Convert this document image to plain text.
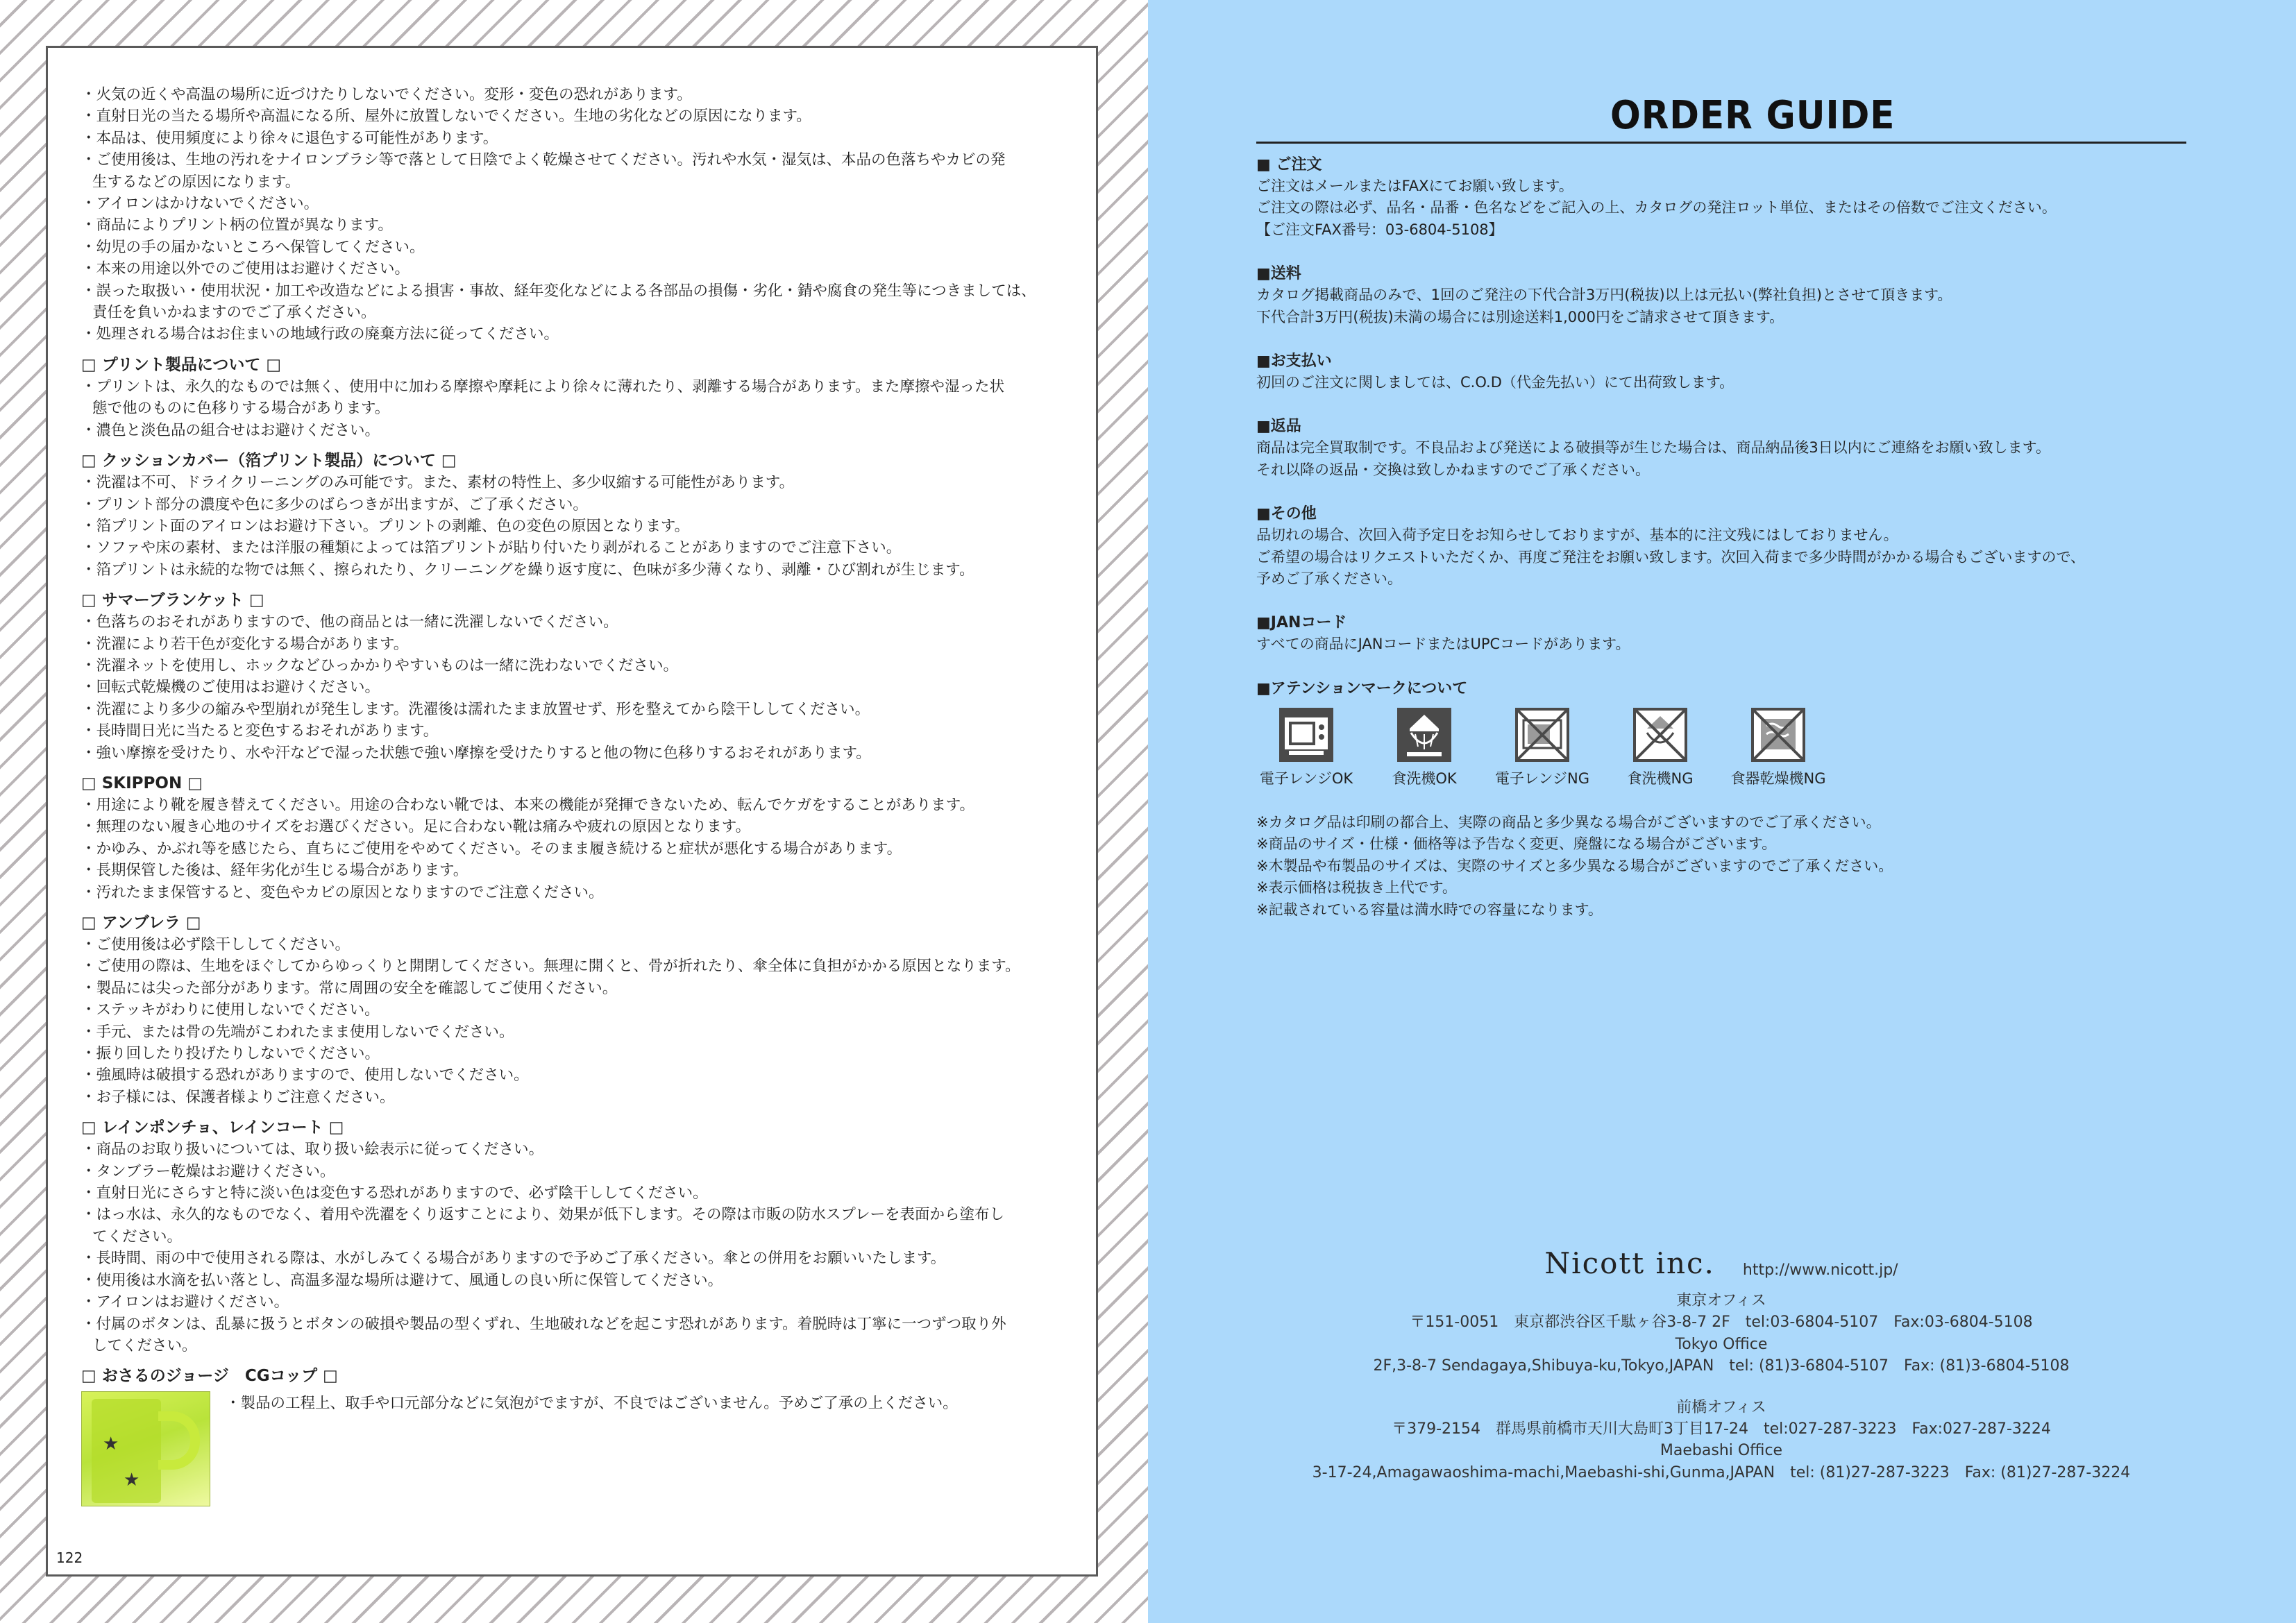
・火気の近くや高温の場所に近づけたりしないでください。変形・変色の恐れがあります。
・直射日光の当たる場所や高温になる所、屋外に放置しないでください。生地の劣化などの原因になります。
・本品は、使用頻度により徐々に退色する可能性があります。
・ご使用後は、生地の汚れをナイロンブラシ等で落として日陰でよく乾燥させてください。汚れや水気・湿気は、本品の色落ちやカビの発
生するなどの原因になります。
・アイロンはかけないでください。
・商品によりプリント柄の位置が異なります。
・幼児の手の届かないところへ保管してください。
・本来の用途以外でのご使用はお避けください。
・誤った取扱い・使用状況・加工や改造などによる損害・事故、経年変化などによる各部品の損傷・劣化・錆や腐食の発生等につきましては、
責任を負いかねますのでご了承ください。
・処理される場合はお住まいの地域行政の廃棄方法に従ってください。
□ プリント製品について □
・プリントは、永久的なものでは無く、使用中に加わる摩擦や摩耗により徐々に薄れたり、剥離する場合があります。また摩擦や湿った状
態で他のものに色移りする場合があります。
・濃色と淡色品の組合せはお避けください。
□ クッションカバー（箔プリント製品）について □
・洗濯は不可、ドライクリーニングのみ可能です。また、素材の特性上、多少収縮する可能性があります。
・プリント部分の濃度や色に多少のばらつきが出ますが、ご了承ください。
・箔プリント面のアイロンはお避け下さい。プリントの剥離、色の変色の原因となります。
・ソファや床の素材、または洋服の種類によっては箔プリントが貼り付いたり剥がれることがありますのでご注意下さい。
・箔プリントは永続的な物では無く、擦られたり、クリーニングを繰り返す度に、色味が多少薄くなり、剥離・ひび割れが生じます。
□ サマーブランケット □
・色落ちのおそれがありますので、他の商品とは一緒に洗濯しないでください。
・洗濯により若干色が変化する場合があります。
・洗濯ネットを使用し、ホックなどひっかかりやすいものは一緒に洗わないでください。
・回転式乾燥機のご使用はお避けください。
・洗濯により多少の縮みや型崩れが発生します。洗濯後は濡れたまま放置せず、形を整えてから陰干ししてください。
・長時間日光に当たると変色するおそれがあります。
・強い摩擦を受けたり、水や汗などで湿った状態で強い摩擦を受けたりすると他の物に色移りするおそれがあります。
□ SKIPPON □
・用途により靴を履き替えてください。用途の合わない靴では、本来の機能が発揮できないため、転んでケガをすることがあります。
・無理のない履き心地のサイズをお選びください。足に合わない靴は痛みや疲れの原因となります。
・かゆみ、かぶれ等を感じたら、直ちにご使用をやめてください。そのまま履き続けると症状が悪化する場合があります。
・長期保管した後は、経年劣化が生じる場合があります。
・汚れたまま保管すると、変色やカビの原因となりますのでご注意ください。
□ アンブレラ □
・ご使用後は必ず陰干ししてください。
・ご使用の際は、生地をほぐしてからゆっくりと開閉してください。無理に開くと、骨が折れたり、傘全体に負担がかかる原因となります。
・製品には尖った部分があります。常に周囲の安全を確認してご使用ください。
・ステッキがわりに使用しないでください。
・手元、または骨の先端がこわれたまま使用しないでください。
・振り回したり投げたりしないでください。
・強風時は破損する恐れがありますので、使用しないでください。
・お子様には、保護者様よりご注意ください。
□ レインポンチョ、レインコート □
・商品のお取り扱いについては、取り扱い絵表示に従ってください。
・タンブラー乾燥はお避けください。
・直射日光にさらすと特に淡い色は変色する恐れがありますので、必ず陰干ししてください。
・はっ水は、永久的なものでなく、着用や洗濯をくり返すことにより、効果が低下します。その際は市販の防水スプレーを表面から塗布し
てください。
・長時間、雨の中で使用される際は、水がしみてくる場合がありますので予めご了承ください。傘との併用をお願いいたします。
・使用後は水滴を払い落とし、高温多湿な場所は避けて、風通しの良い所に保管してください。
・アイロンはお避けください。
・付属のボタンは、乱暴に扱うとボタンの破損や製品の型くずれ、生地破れなどを起こす恐れがあります。着脱時は丁寧に一つずつ取り外
してください。
□ おさるのジョージ　CGコップ □
★
★
・製品の工程上、取手や口元部分などに気泡がでますが、不良ではございません。予めご了承の上ください。
122
ORDER GUIDE
■ ご注文
ご注文はメールまたはFAXにてお願い致します。
ご注文の際は必ず、品名・品番・色名などをご記入の上、カタログの発注ロット単位、またはその倍数でご注文ください。
【ご注文FAX番号：03-6804-5108】
■送料
カタログ掲載商品のみで、1回のご発注の下代合計3万円(税抜)以上は元払い(弊社負担)とさせて頂きます。
下代合計3万円(税抜)未満の場合には別途送料1,000円をご請求させて頂きます。
■お支払い
初回のご注文に関しましては、C.O.D（代金先払い）にて出荷致します。
■返品
商品は完全買取制です。不良品および発送による破損等が生じた場合は、商品納品後3日以内にご連絡をお願い致します。
それ以降の返品・交換は致しかねますのでご了承ください。
■その他
品切れの場合、次回入荷予定日をお知らせしておりますが、基本的に注文残にはしておりません。
ご希望の場合はリクエストいただくか、再度ご発注をお願い致します。次回入荷まで多少時間がかかる場合もございますので、
予めご了承ください。
■JANコード
すべての商品にJANコードまたはUPCコードがあります。
■アテンションマークについて
電子レンジOK	食洗機OK	電子レンジNG	食洗機NG	食器乾燥機NG
※カタログ品は印刷の都合上、実際の商品と多少異なる場合がございますのでご了承ください。
※商品のサイズ・仕様・価格等は予告なく変更、廃盤になる場合がございます。
※木製品や布製品のサイズは、実際のサイズと多少異なる場合がございますのでご了承ください。
※表示価格は税抜き上代です。
※記載されている容量は満水時での容量になります。
Nicott inc. http://www.nicott.jp/
東京オフィス
〒151-0051　東京都渋谷区千駄ヶ谷3-8-7 2F　tel:03-6804-5107　Fax:03-6804-5108
Tokyo Office
2F,3-8-7 Sendagaya,Shibuya-ku,Tokyo,JAPAN　tel: (81)3-6804-5107　Fax: (81)3-6804-5108
前橋オフィス
〒379-2154　群馬県前橋市天川大島町3丁目17-24　tel:027-287-3223　Fax:027-287-3224
Maebashi Office
3-17-24,Amagawaoshima-machi,Maebashi-shi,Gunma,JAPAN　tel: (81)27-287-3223　Fax: (81)27-287-3224
